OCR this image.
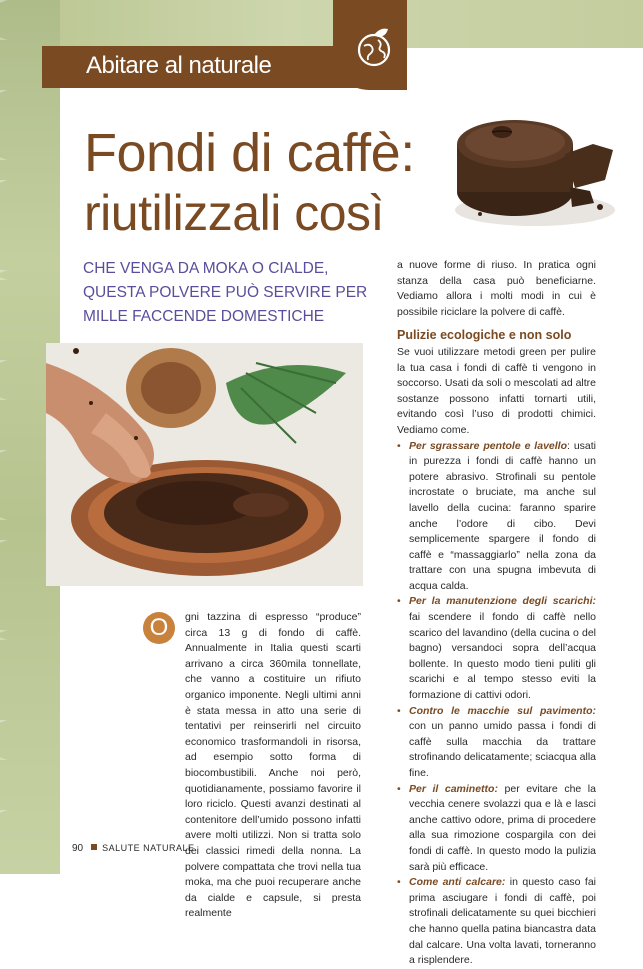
Abitare al naturale
Fondi di caffè:
riutilizzali così
CHE VENGA DA MOKA O CIALDE, QUESTA POLVERE PUÒ SERVIRE PER MILLE FACCENDE DOMESTICHE
O	gni tazzina di espresso “produce” circa 13 g di fondo di caffè. Annualmente in Italia questi scarti arrivano a circa 360mila tonnellate, che vanno a costituire un rifiuto organico imponente. Negli ultimi anni è stata messa in atto una serie di tentativi per reinserirli nel circuito economico trasformandoli in risorsa, ad esempio sotto forma di biocombustibili. Anche noi però, quotidianamente, possiamo favorire il loro riciclo. Questi avanzi destinati al contenitore dell’umido possono infatti avere molti utilizzi. Non si tratta solo dei classici rimedi della nonna. La polvere compattata che trovi nella tua moka, ma che puoi recuperare anche da cialde e capsule, si presta realmente

a nuove forme di riuso. In pratica ogni stanza della casa può beneficiarne. Vediamo allora i molti modi in cui è possibile riciclare la polvere di caffè.

Pulizie ecologiche e non solo

Se vuoi utilizzare metodi green per pulire la tua casa i fondi di caffè ti vengono in soccorso. Usati da soli o mescolati ad altre sostanze possono infatti tornarti utili, evitando così l’uso di prodotti chimici. Vediamo come.

• Per sgrassare pentole e lavello: usati in purezza i fondi di caffè hanno un potere abrasivo. Strofinali su pentole incrostate o bruciate, ma anche sul lavello della cucina: faranno sparire anche l’odore di cibo. Devi semplicemente spargere il fondo di caffè e “massaggiarlo” nella zona da trattare con una spugna imbevuta di acqua calda.
• Per la manutenzione degli scarichi: fai scendere il fondo di caffè nello scarico del lavandino (della cucina o del bagno) versandoci sopra dell’acqua bollente. In questo modo tieni puliti gli scarichi e al tempo stesso eviti la formazione di cattivi odori.
• Contro le macchie sul pavimento: con un panno umido passa i fondi di caffè sulla macchia da trattare strofinando delicatamente; sciacqua alla fine.
• Per il caminetto: per evitare che la vecchia cenere svolazzi qua e là e lasci anche cattivo odore, prima di procedere alla sua rimozione cospargila con dei fondi di caffè. In questo modo la pulizia sarà più efficace.
• Come anti calcare: in questo caso fai prima asciugare i fondi di caffè, poi strofinali delicatamente su quei bicchieri che hanno quella patina biancastra data dal calcare. Una volta lavati, torneranno a risplendere.
90 SALUTE NATURALE
